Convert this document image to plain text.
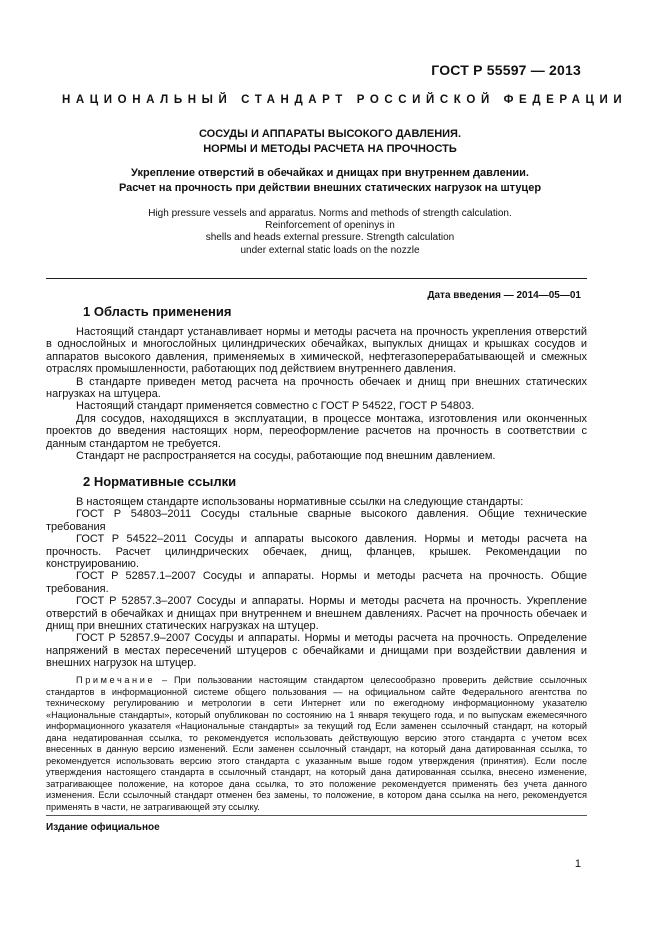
ГОСТ Р 55597 — 2013
НАЦИОНАЛЬНЫЙ СТАНДАРТ РОССИЙСКОЙ ФЕДЕРАЦИИ
СОСУДЫ И АППАРАТЫ ВЫСОКОГО ДАВЛЕНИЯ.
НОРМЫ И МЕТОДЫ РАСЧЕТА НА ПРОЧНОСТЬ
Укрепление отверстий в обечайках и днищах при внутреннем давлении.
Расчет на прочность при действии внешних статических нагрузок на штуцер
High pressure vessels and apparatus. Norms and methods of strength calculation.
Reinforcement of openinys in
shells and heads external pressure. Strength calculation
under external static loads on the nozzle
Дата введения — 2014—05—01
1 Область применения

Настоящий стандарт устанавливает нормы и методы расчета на прочность укрепления отверстий в однослойных и многослойных цилиндрических обечайках, выпуклых днищах и крышках сосудов и аппаратов высокого давления, применяемых в химической, нефтегазоперерабатывающей и смежных отраслях промышленности, работающих под действием внутреннего давления.

В стандарте приведен метод расчета на прочность обечаек и днищ при внешних статических нагрузках на штуцера.

Настоящий стандарт применяется совместно с ГОСТ Р 54522, ГОСТ Р 54803.

Для сосудов, находящихся в эксплуатации, в процессе монтажа, изготовления или оконченных проектов до введения настоящих норм, переоформление расчетов на прочность в соответствии с данным стандартом не требуется.

Стандарт не распространяется на сосуды, работающие под внешним давлением.

2 Нормативные ссылки

В настоящем стандарте использованы нормативные ссылки на следующие стандарты:

ГОСТ Р 54803–2011 Сосуды стальные сварные высокого давления. Общие технические требования

ГОСТ Р 54522–2011 Сосуды и аппараты высокого давления. Нормы и методы расчета на прочность. Расчет цилиндрических обечаек, днищ, фланцев, крышек. Рекомендации по конструированию.

ГОСТ Р 52857.1–2007 Сосуды и аппараты. Нормы и методы расчета на прочность. Общие требования.

ГОСТ Р 52857.3–2007 Сосуды и аппараты. Нормы и методы расчета на прочность. Укрепление отверстий в обечайках и днищах при внутреннем и внешнем давлениях. Расчет на прочность обечаек и днищ при внешних статических нагрузках на штуцер.

ГОСТ Р 52857.9–2007 Сосуды и аппараты. Нормы и методы расчета на прочность. Определение напряжений в местах пересечений штуцеров с обечайками и днищами при воздействии давления и внешних нагрузок на штуцер.

Примечание – При пользовании настоящим стандартом целесообразно проверить действие ссылочных стандартов в информационной системе общего пользования — на официальном сайте Федерального агентства по техническому регулированию и метрологии в сети Интернет или по ежегодному информационному указателю «Национальные стандарты», который опубликован по состоянию на 1 января текущего года, и по выпускам ежемесячного информационного указателя «Национальные стандарты» за текущий год Если заменен ссылочный стандарт, на который дана недатированная ссылка, то рекомендуется использовать действующую версию этого стандарта с учетом всех внесенных в данную версию изменений. Если заменен ссылочный стандарт, на который дана датированная ссылка, то рекомендуется использовать версию этого стандарта с указанным выше годом утверждения (принятия). Если после утверждения настоящего стандарта в ссылочный стандарт, на который дана датированная ссылка, внесено изменение, затрагивающее положение, на которое дана ссылка, то это положение рекомендуется применять без учета данного изменения. Если ссылочный стандарт отменен без замены, то положение, в котором дана ссылка на него, рекомендуется применять в части, не затрагивающей эту ссылку.
Издание официальное
1
